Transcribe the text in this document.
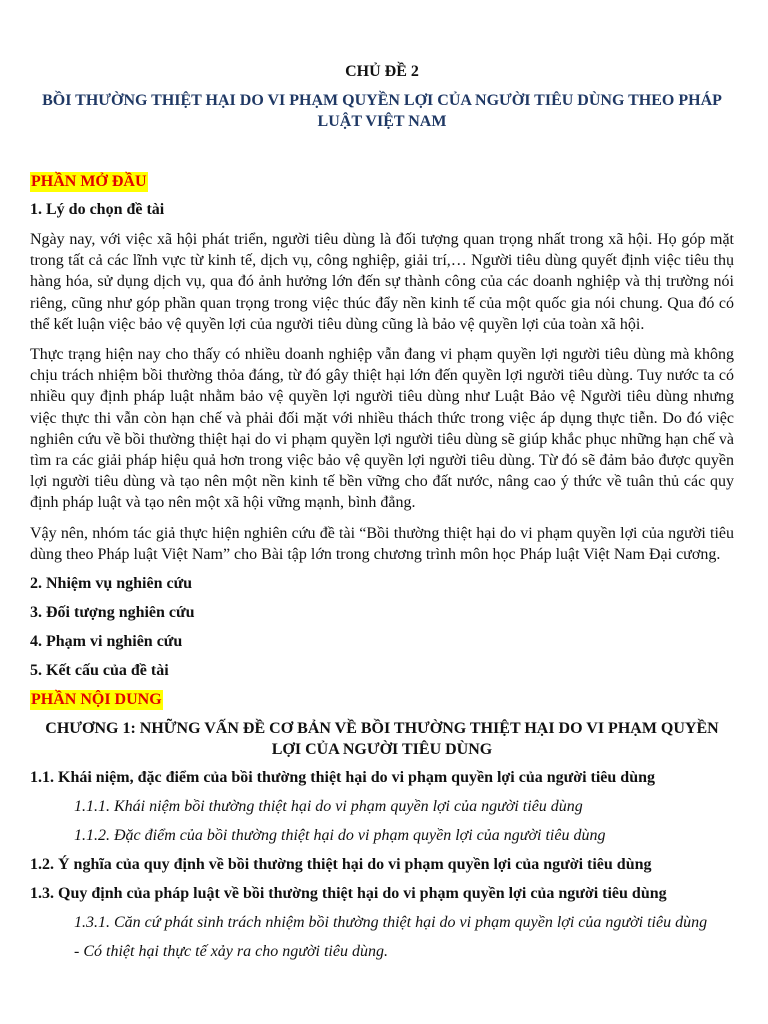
CHỦ ĐỀ 2
BỒI THƯỜNG THIỆT HẠI DO VI PHẠM QUYỀN LỢI CỦA NGƯỜI TIÊU DÙNG THEO PHÁP LUẬT VIỆT NAM
PHẦN MỞ ĐẦU
1. Lý do chọn đề tài
Ngày nay, với việc xã hội phát triển, người tiêu dùng là đối tượng quan trọng nhất trong xã hội. Họ góp mặt trong tất cả các lĩnh vực từ kinh tế, dịch vụ, công nghiệp, giải trí,… Người tiêu dùng quyết định việc tiêu thụ hàng hóa, sử dụng dịch vụ, qua đó ảnh hưởng lớn đến sự thành công của các doanh nghiệp và thị trường nói riêng, cũng như góp phần quan trọng trong việc thúc đẩy nền kinh tế của một quốc gia nói chung. Qua đó có thể kết luận việc bảo vệ quyền lợi của người tiêu dùng cũng là bảo vệ quyền lợi của toàn xã hội.
Thực trạng hiện nay cho thấy có nhiều doanh nghiệp vẫn đang vi phạm quyền lợi người tiêu dùng mà không chịu trách nhiệm bồi thường thỏa đáng, từ đó gây thiệt hại lớn đến quyền lợi người tiêu dùng. Tuy nước ta có nhiều quy định pháp luật nhằm bảo vệ quyền lợi người tiêu dùng như Luật Bảo vệ Người tiêu dùng nhưng việc thực thi vẫn còn hạn chế và phải đối mặt với nhiều thách thức trong việc áp dụng thực tiễn. Do đó việc nghiên cứu về bồi thường thiệt hại do vi phạm quyền lợi người tiêu dùng sẽ giúp khắc phục những hạn chế và tìm ra các giải pháp hiệu quả hơn trong việc bảo vệ quyền lợi người tiêu dùng. Từ đó sẽ đảm bảo được quyền lợi người tiêu dùng và tạo nên một nền kinh tế bền vững cho đất nước, nâng cao ý thức về tuân thủ các quy định pháp luật và tạo nên một xã hội vững mạnh, bình đẳng.
Vậy nên, nhóm tác giả thực hiện nghiên cứu đề tài “Bồi thường thiệt hại do vi phạm quyền lợi của người tiêu dùng theo Pháp luật Việt Nam” cho Bài tập lớn trong chương trình môn học Pháp luật Việt Nam Đại cương.
2. Nhiệm vụ nghiên cứu
3. Đối tượng nghiên cứu
4. Phạm vi nghiên cứu
5. Kết cấu của đề tài
PHẦN NỘI DUNG
CHƯƠNG 1: NHỮNG VẤN ĐỀ CƠ BẢN VỀ BỒI THƯỜNG THIỆT HẠI DO VI PHẠM QUYỀN LỢI CỦA NGƯỜI TIÊU DÙNG
1.1. Khái niệm, đặc điểm của bồi thường thiệt hại do vi phạm quyền lợi của người tiêu dùng
1.1.1. Khái niệm bồi thường thiệt hại do vi phạm quyền lợi của người tiêu dùng
1.1.2. Đặc điểm của bồi thường thiệt hại do vi phạm quyền lợi của người tiêu dùng
1.2. Ý nghĩa của quy định về bồi thường thiệt hại do vi phạm quyền lợi của người tiêu dùng
1.3. Quy định của pháp luật về bồi thường thiệt hại do vi phạm quyền lợi của người tiêu dùng
1.3.1. Căn cứ phát sinh trách nhiệm bồi thường thiệt hại do vi phạm quyền lợi của người tiêu dùng
- Có thiệt hại thực tế xảy ra cho người tiêu dùng.
